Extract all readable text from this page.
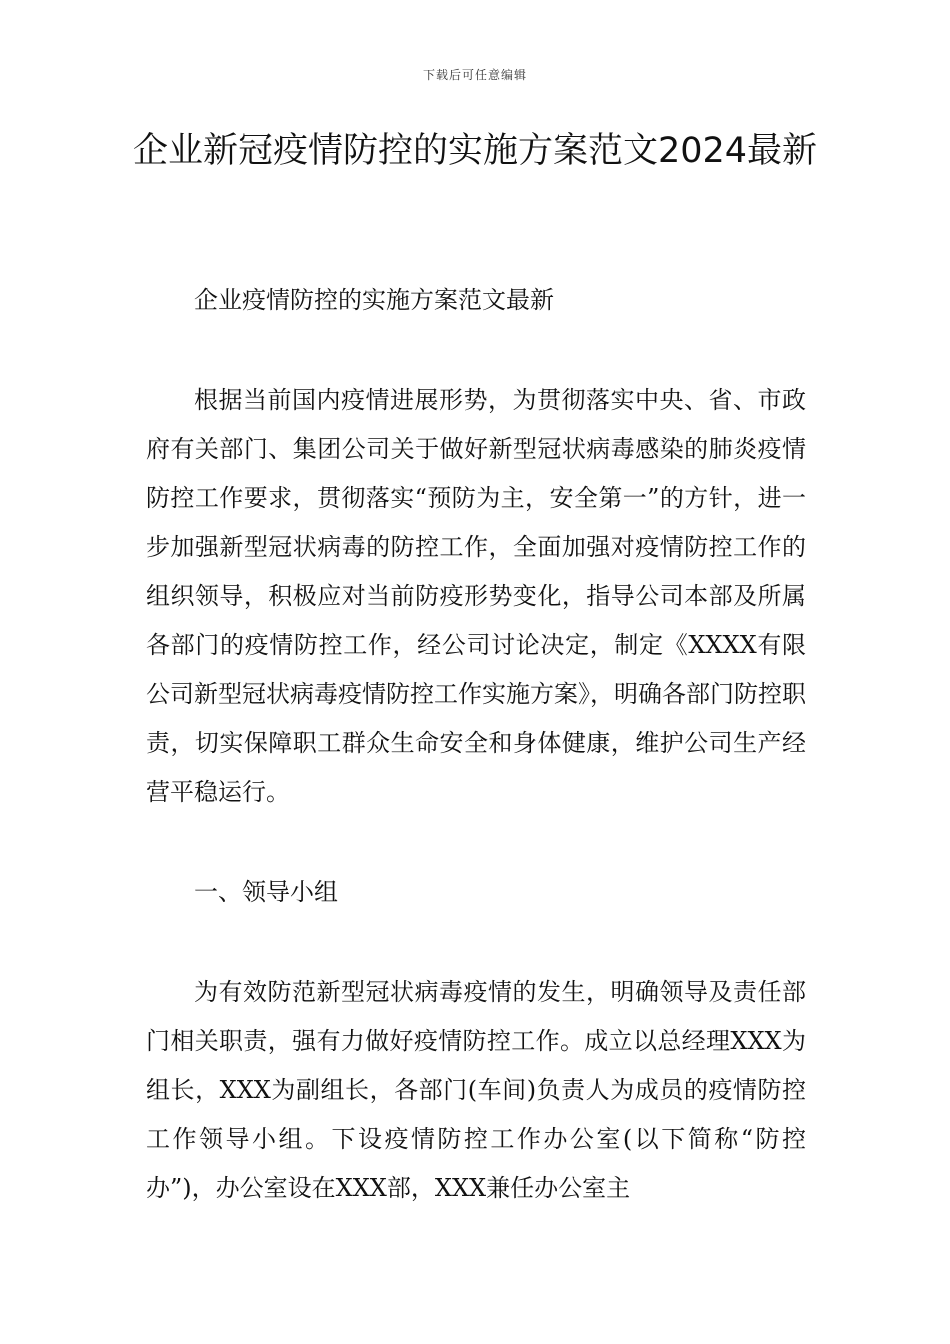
下载后可任意编辑
企业新冠疫情防控的实施方案范文2024最新

企业疫情防控的实施方案范文最新

根据当前国内疫情进展形势，为贯彻落实中央、省、市政府有关部门、集团公司关于做好新型冠状病毒感染的肺炎疫情防控工作要求，贯彻落实“预防为主，安全第一”的方针，进一步加强新型冠状病毒的防控工作，全面加强对疫情防控工作的组织领导，积极应对当前防疫形势变化，指导公司本部及所属各部门的疫情防控工作，经公司讨论决定，制定《XXXX有限公司新型冠状病毒疫情防控工作实施方案》，明确各部门防控职责，切实保障职工群众生命安全和身体健康，维护公司生产经营平稳运行。

一、领导小组

为有效防范新型冠状病毒疫情的发生，明确领导及责任部门相关职责，强有力做好疫情防控工作。成立以总经理XXX为组长，XXX为副组长，各部门(车间)负责人为成员的疫情防控工作领导小组。下设疫情防控工作办公室(以下简称“防控办”)，办公室设在XXX部，XXX兼任办公室主
